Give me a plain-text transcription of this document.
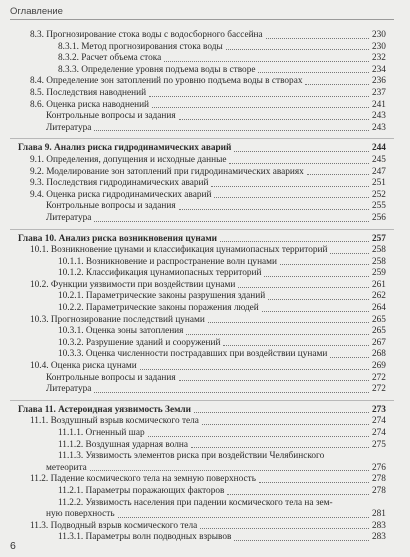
Оглавление
8.3. Прогнозирование стока воды с водосборного бассейна	230
8.3.1. Метод прогнозирования стока воды	230
8.3.2. Расчет объема стока	232
8.3.3. Определение уровня подъема воды в створе	234
8.4. Определение зон затоплений по уровню подъема воды в створах	236
8.5. Последствия наводнений	237
8.6. Оценка риска наводнений	241
Контрольные вопросы и задания	243
Литература	243
Глава 9. Анализ риска гидродинамических аварий	244
9.1. Определения, допущения и исходные данные	245
9.2. Моделирование зон затоплений при гидродинамических авариях	247
9.3. Последствия гидродинамических аварий	251
9.4. Оценка риска гидродинамических аварий	252
Контрольные вопросы и задания	255
Литература	256
Глава 10. Анализ риска возникновения цунами	257
10.1. Возникновение цунами и классификация цунамиопасных территорий	258
10.1.1. Возникновение и распространение волн цунами	258
10.1.2. Классификация цунамиопасных территорий	259
10.2. Функции уязвимости при воздействии цунами	261
10.2.1. Параметрические законы разрушения зданий	262
10.2.2. Параметрические законы поражения людей	264
10.3. Прогнозирование последствий цунами	265
10.3.1. Оценка зоны затопления	265
10.3.2. Разрушение зданий и сооружений	267
10.3.3. Оценка численности пострадавших при воздействии цунами	268
10.4. Оценка риска цунами	269
Контрольные вопросы и задания	272
Литература	272
Глава 11. Астероидная уязвимость Земли	273
11.1. Воздушный взрыв космического тела	274
11.1.1. Огненный шар	274
11.1.2. Воздушная ударная волна	275
11.1.3. Уязвимость элементов риска при воздействии Челябинского
метеорита	276
11.2. Падение космического тела на земную поверхность	278
11.2.1. Параметры поражающих факторов	278
11.2.2. Уязвимость населения при падении космического тела на зем-
ную поверхность	281
11.3. Подводный взрыв космического тела	283
11.3.1. Параметры волн подводных взрывов	283
6
